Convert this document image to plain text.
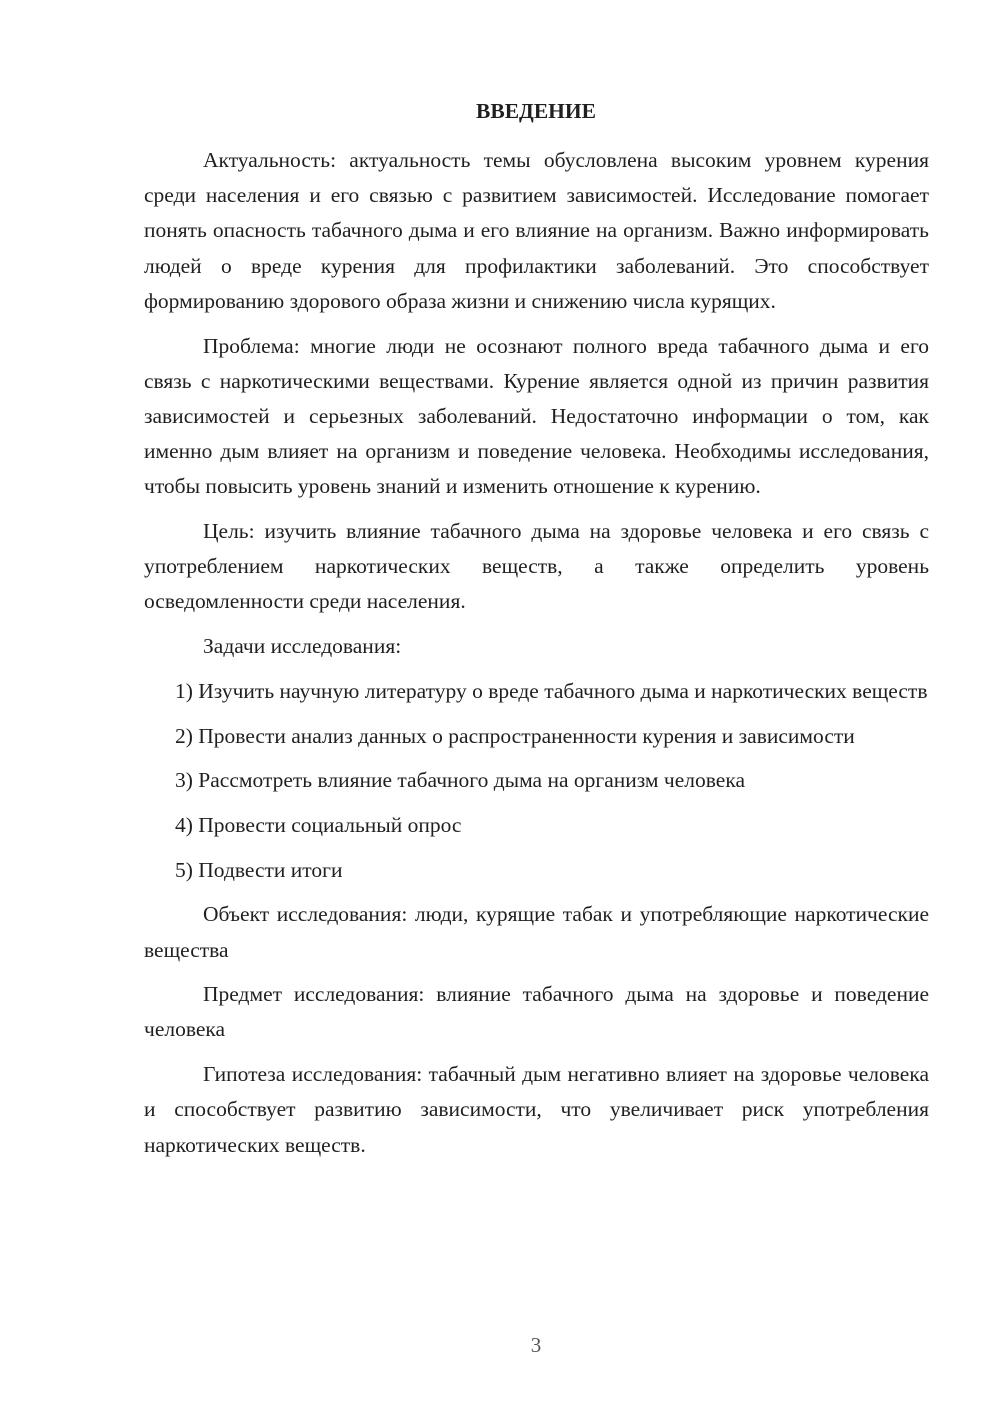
ВВЕДЕНИЕ

Актуальность: актуальность темы обусловлена высоким уровнем курения среди населения и его связью с развитием зависимостей. Исследование помогает понять опасность табачного дыма и его влияние на организм. Важно информировать людей о вреде курения для профилактики заболеваний. Это способствует формированию здорового образа жизни и снижению числа курящих.

Проблема: многие люди не осознают полного вреда табачного дыма и его связь с наркотическими веществами. Курение является одной из причин развития зависимостей и серьезных заболеваний. Недостаточно информации о том, как именно дым влияет на организм и поведение человека. Необходимы исследования, чтобы повысить уровень знаний и изменить отношение к курению.

Цель: изучить влияние табачного дыма на здоровье человека и его связь с употреблением наркотических веществ, а также определить уровень осведомленности среди населения.

Задачи исследования:

1) Изучить научную литературу о вреде табачного дыма и наркотических веществ

2) Провести анализ данных о распространенности курения и зависимости

3) Рассмотреть влияние табачного дыма на организм человека

4) Провести социальный опрос

5) Подвести итоги

Объект исследования: люди, курящие табак и употребляющие наркотические вещества

Предмет исследования: влияние табачного дыма на здоровье и поведение человека

Гипотеза исследования: табачный дым негативно влияет на здоровье человека и способствует развитию зависимости, что увеличивает риск употребления наркотических веществ.

3
